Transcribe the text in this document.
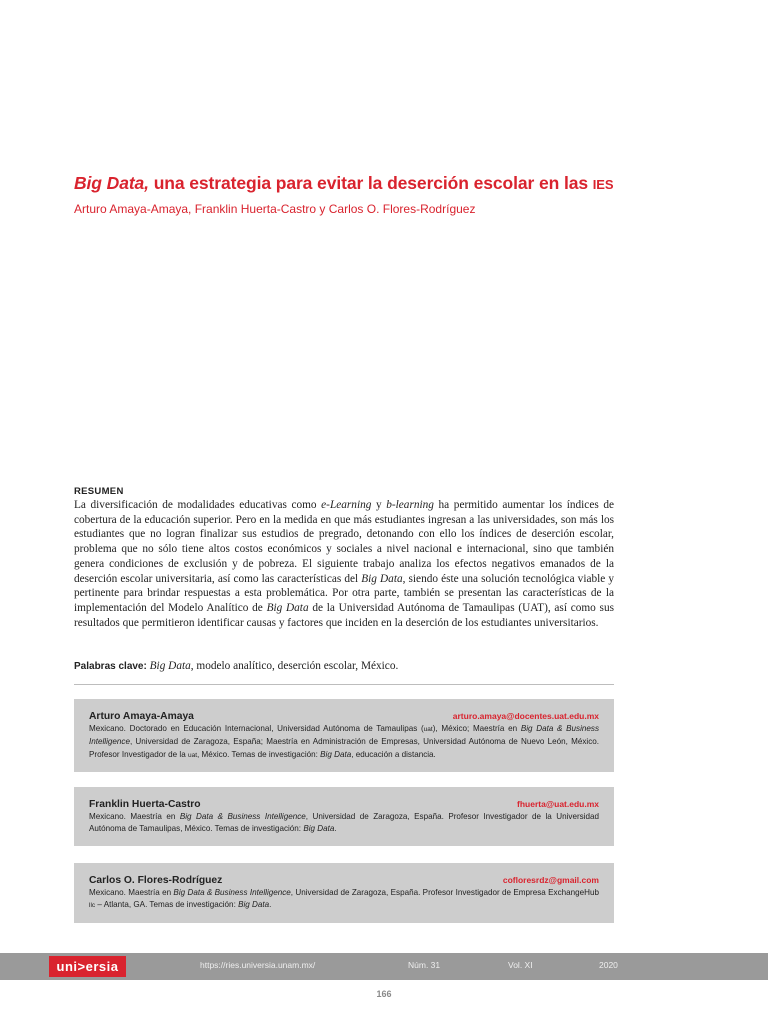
Big Data, una estrategia para evitar la deserción escolar en las IES
Arturo Amaya-Amaya, Franklin Huerta-Castro y Carlos O. Flores-Rodríguez
RESUMEN
La diversificación de modalidades educativas como e-Learning y b-learning ha permitido aumentar los índices de cobertura de la educación superior. Pero en la medida en que más estudiantes ingresan a las universidades, son más los estudiantes que no logran finalizar sus estudios de pregrado, detonando con ello los índices de deserción escolar, problema que no sólo tiene altos costos económicos y sociales a nivel nacional e internacional, sino que también genera condiciones de exclusión y de pobreza. El siguiente trabajo analiza los efectos negativos emanados de la deserción escolar universitaria, así como las características del Big Data, siendo éste una solución tecnológica viable y pertinente para brindar respuestas a esta problemática. Por otra parte, también se presentan las características de la implementación del Modelo Analítico de Big Data de la Universidad Autónoma de Tamaulipas (UAT), así como sus resultados que permitieron identificar causas y factores que inciden en la deserción de los estudiantes universitarios.
Palabras clave: Big Data, modelo analítico, deserción escolar, México.
Arturo Amaya-Amaya	arturo.amaya@docentes.uat.edu.mx
Mexicano. Doctorado en Educación Internacional, Universidad Autónoma de Tamaulipas (uat), México; Maestría en Big Data & Business Intelligence, Universidad de Zaragoza, España; Maestría en Administración de Empresas, Universidad Autónoma de Nuevo León, México. Profesor Investigador de la uat, México. Temas de investigación: Big Data, educación a distancia.
Franklin Huerta-Castro	fhuerta@uat.edu.mx
Mexicano. Maestría en Big Data & Business Intelligence, Universidad de Zaragoza, España. Profesor Investigador de la Universidad Autónoma de Tamaulipas, México. Temas de investigación: Big Data.
Carlos O. Flores-Rodríguez	cofloresrdz@gmail.com
Mexicano. Maestría en Big Data & Business Intelligence, Universidad de Zaragoza, España. Profesor Investigador de Empresa ExchangeHub llc – Atlanta, GA. Temas de investigación: Big Data.
uni>ersia	https://ries.universia.unam.mx/	Núm. 31	Vol. XI	2020
166
